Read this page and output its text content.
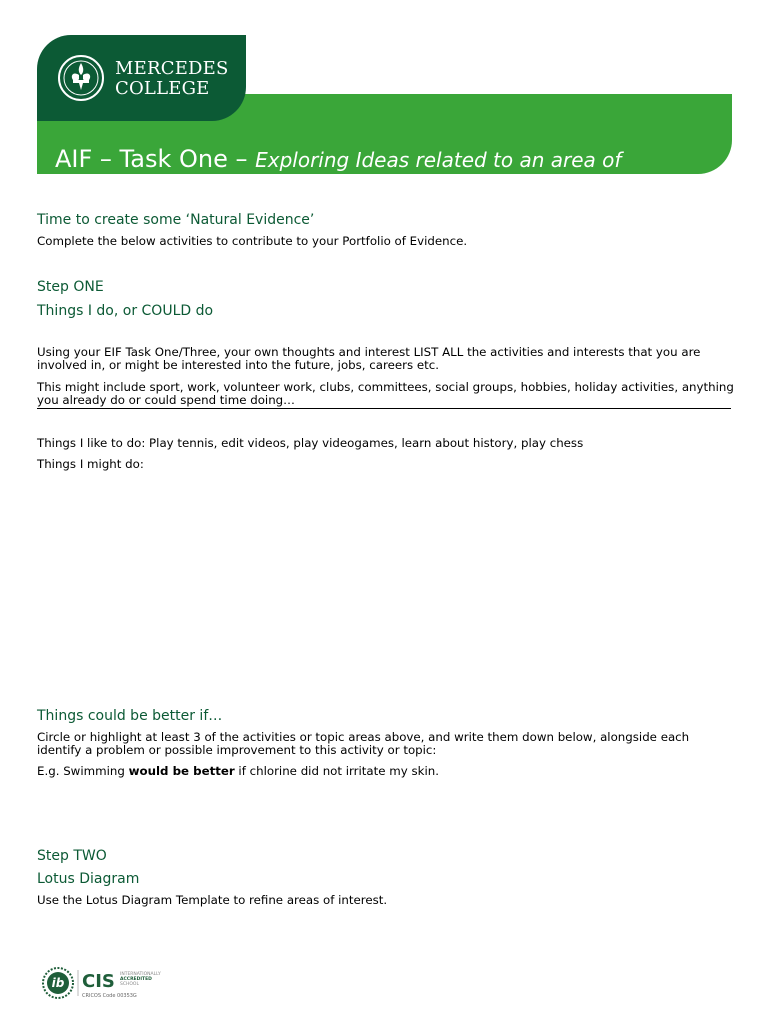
MERCEDES
COLLEGE
AIF – Task One – Exploring Ideas related to an area of
Time to create some ‘Natural Evidence’
Complete the below activities to contribute to your Portfolio of Evidence.
Step ONE
Things I do, or COULD do
Using your EIF Task One/Three, your own thoughts and interest LIST ALL the activities and interests that you are involved in, or might be interested into the future, jobs, careers etc.
This might include sport, work, volunteer work, clubs, committees, social groups, hobbies, holiday activities, anything you already do or could spend time doing…
Things I like to do: Play tennis, edit videos, play videogames, learn about history, play chess
Things I might do:
Things could be better if…
Circle or highlight at least 3 of the activities or topic areas above, and write them down below, alongside each identify a problem or possible improvement to this activity or topic:
E.g. Swimming would be better if chlorine did not irritate my skin.
Step TWO
Lotus Diagram
Use the Lotus Diagram Template to refine areas of interest.
ib CIS INTERNATIONALLY
ACCREDITED
SCHOOL
CRICOS Code 00353G
